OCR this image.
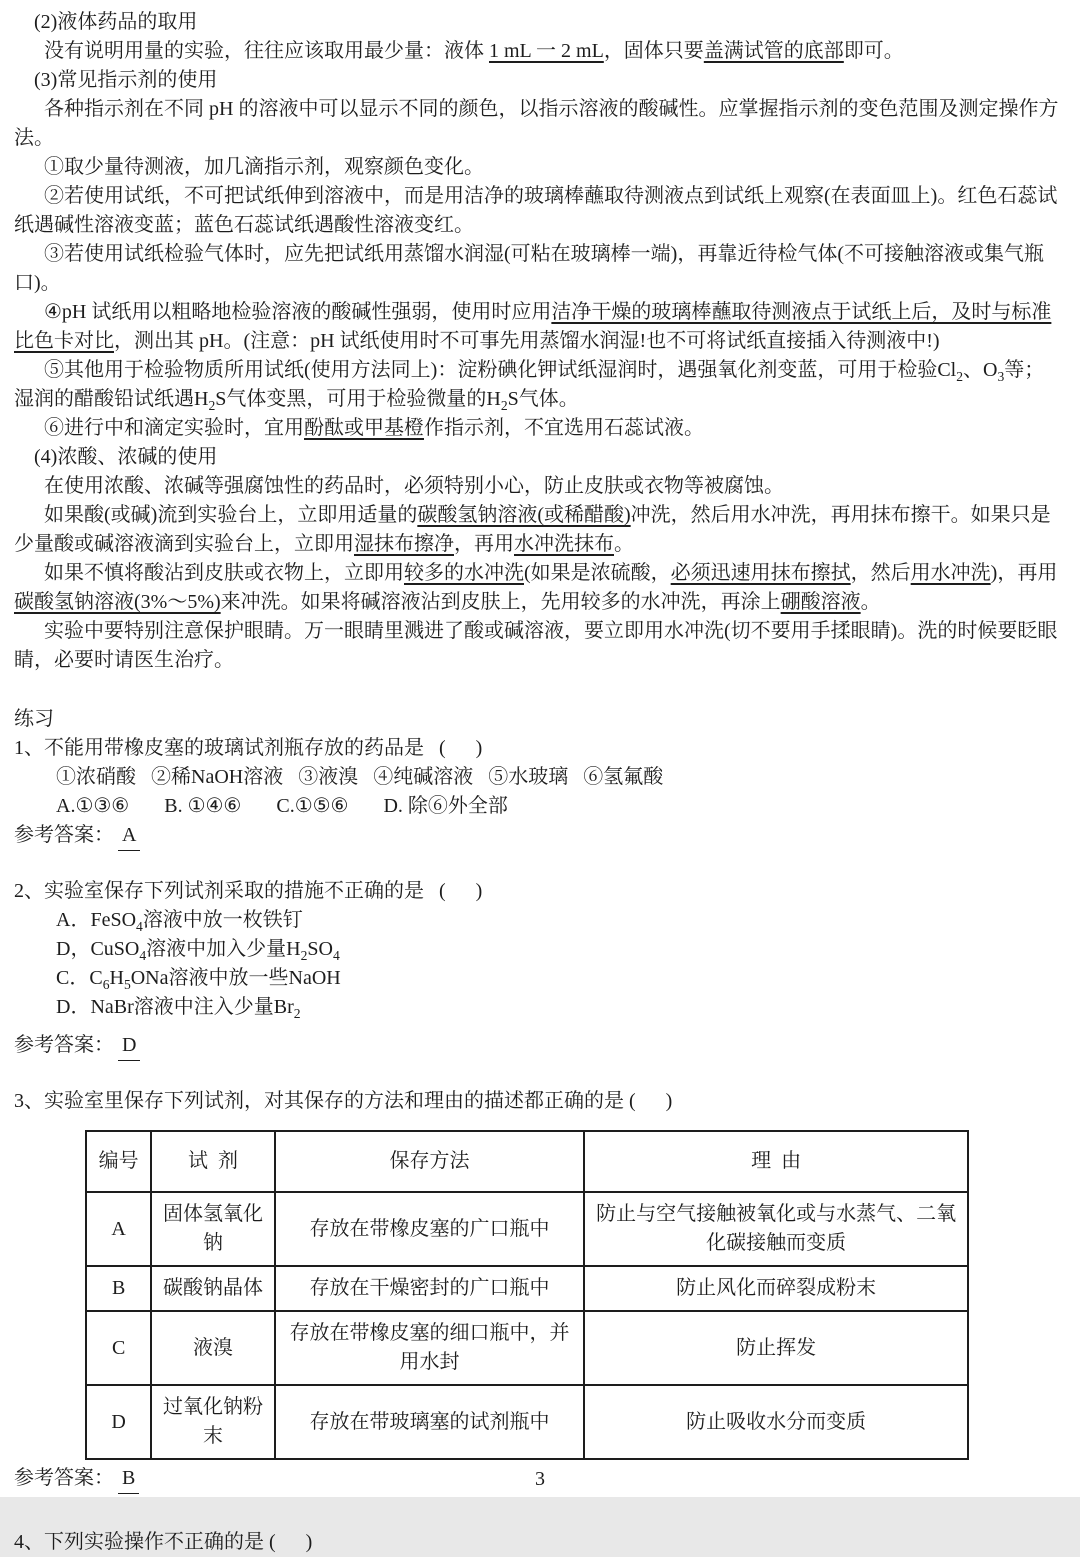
(2)液体药品的取用

没有说明用量的实验，往往应该取用最少量：液体 1 mL 一 2 mL，固体只要盖满试管的底部即可。

(3)常见指示剂的使用

各种指示剂在不同 pH 的溶液中可以显示不同的颜色，以指示溶液的酸碱性。应掌握指示剂的变色范围及测定操作方法。

①取少量待测液，加几滴指示剂，观察颜色变化。

②若使用试纸，不可把试纸伸到溶液中，而是用洁净的玻璃棒蘸取待测液点到试纸上观察(在表面皿上)。红色石蕊试纸遇碱性溶液变蓝；蓝色石蕊试纸遇酸性溶液变红。

③若使用试纸检验气体时，应先把试纸用蒸馏水润湿(可粘在玻璃棒一端)，再靠近待检气体(不可接触溶液或集气瓶口)。

④pH 试纸用以粗略地检验溶液的酸碱性强弱，使用时应用洁净干燥的玻璃棒蘸取待测液点于试纸上后，及时与标准比色卡对比，测出其 pH。(注意：pH 试纸使用时不可事先用蒸馏水润湿!也不可将试纸直接插入待测液中!)

⑤其他用于检验物质所用试纸(使用方法同上)：淀粉碘化钾试纸湿润时，遇强氧化剂变蓝，可用于检验$Cl_2$、$O_3$等；湿润的醋酸铅试纸遇$H_2S$气体变黑，可用于检验微量的$H_2S$气体。

⑥进行中和滴定实验时，宜用酚酞或甲基橙作指示剂，不宜选用石蕊试液。

(4)浓酸、浓碱的使用

在使用浓酸、浓碱等强腐蚀性的药品时，必须特别小心，防止皮肤或衣物等被腐蚀。

如果酸(或碱)流到实验台上，立即用适量的碳酸氢钠溶液(或稀醋酸)冲洗，然后用水冲洗，再用抹布擦干。如果只是少量酸或碱溶液滴到实验台上，立即用湿抹布擦净，再用水冲洗抹布。

如果不慎将酸沾到皮肤或衣物上，立即用较多的水冲洗(如果是浓硫酸，必须迅速用抹布擦拭，然后用水冲洗)，再用碳酸氢钠溶液(3%～5%)来冲洗。如果将碱溶液沾到皮肤上，先用较多的水冲洗，再涂上硼酸溶液。

实验中要特别注意保护眼睛。万一眼睛里溅进了酸或碱溶液，要立即用水冲洗(切不要用手揉眼睛)。洗的时候要眨眼睛，必要时请医生治疗。

练习

1、不能用带橡皮塞的玻璃试剂瓶存放的药品是   (      )

①浓硝酸   ②稀NaOH溶液   ③液溴   ④纯碱溶液   ⑤水玻璃   ⑥氢氟酸

A.①③⑥       B. ①④⑥       C.①⑤⑥       D. 除⑥外全部

参考答案： A

2、实验室保存下列试剂采取的措施不正确的是   (      )

A．FeSO$_4$溶液中放一枚铁钉

D，CuSO$_4$溶液中加入少量$H_2SO_4$

C．$C_6H_5ONa$溶液中放一些NaOH

D．NaBr溶液中注入少量$Br_2$

参考答案： D

3、实验室里保存下列试剂，对其保存的方法和理由的描述都正确的是 (      )

编号	试  剂	保存方法	理  由
A	固体氢氧化钠	存放在带橡皮塞的广口瓶中	防止与空气接触被氧化或与水蒸气、二氧化碳接触而变质
B	碳酸钠晶体	存放在干燥密封的广口瓶中	防止风化而碎裂成粉末
C	液溴	存放在带橡皮塞的细口瓶中，并用水封	防止挥发
D	过氧化钠粉末	存放在带玻璃塞的试剂瓶中	防止吸收水分而变质

参考答案： B

4、下列实验操作不正确的是 (      )

3
